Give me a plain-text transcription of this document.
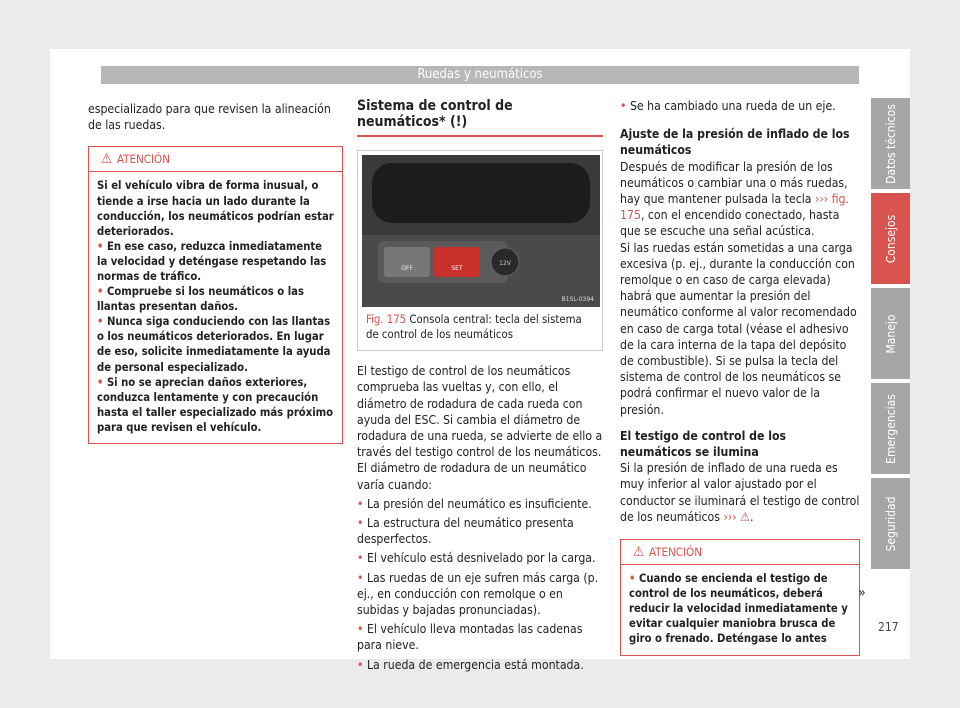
Ruedas y neumáticos

especializado para que revisen la alineación de las ruedas.

⚠ ATENCIÓN

Si el vehículo vibra de forma inusual, o tiende a irse hacia un lado durante la conducción, los neumáticos podrían estar deteriorados.

• En ese caso, reduzca inmediatamente la velocidad y deténgase respetando las normas de tráfico.

• Compruebe si los neumáticos o las llantas presentan daños.

• Nunca siga conduciendo con las llantas o los neumáticos deteriorados. En lugar de eso, solicite inmediatamente la ayuda de personal especializado.

• Si no se aprecian daños exteriores, conduzca lentamente y con precaución hasta el taller especializado más próximo para que revisen el vehículo.

Sistema de control de neumáticos* (!)
OFF	SET
12V
B1SL-0394
Fig. 175 Consola central: tecla del sistema de control de los neumáticos

El testigo de control de los neumáticos comprueba las vueltas y, con ello, el diámetro de rodadura de cada rueda con ayuda del ESC. Si cambia el diámetro de rodadura de una rueda, se advierte de ello a través del testigo control de los neumáticos. El diámetro de rodadura de un neumático varía cuando:

• La presión del neumático es insuficiente.

• La estructura del neumático presenta desperfectos.

• El vehículo está desnivelado por la carga.

• Las ruedas de un eje sufren más carga (p. ej., en conducción con remolque o en subidas y bajadas pronunciadas).

• El vehículo lleva montadas las cadenas para nieve.

• La rueda de emergencia está montada.

• Se ha cambiado una rueda de un eje.

Ajuste de la presión de inflado de los neumáticos

Después de modificar la presión de los neumáticos o cambiar una o más ruedas, hay que mantener pulsada la tecla ››› fig. 175, con el encendido conectado, hasta que se escuche una señal acústica.

Si las ruedas están sometidas a una carga excesiva (p. ej., durante la conducción con remolque o en caso de carga elevada) habrá que aumentar la presión del neumático conforme al valor recomendado en caso de carga total (véase el adhesivo de la cara interna de la tapa del depósito de combustible). Si se pulsa la tecla del sistema de control de los neumáticos se podrá confirmar el nuevo valor de la presión.

El testigo de control de los neumáticos se ilumina

Si la presión de inflado de una rueda es muy inferior al valor ajustado por el conductor se iluminará el testigo de control de los neumáticos ››› ⚠.

⚠ ATENCIÓN

• Cuando se encienda el testigo de control de los neumáticos, deberá reducir la velocidad inmediatamente y evitar cualquier maniobra brusca de giro o frenado. Deténgase lo antes

»
Datos técnicos
Consejos
Manejo
Emergencias
Seguridad
217
